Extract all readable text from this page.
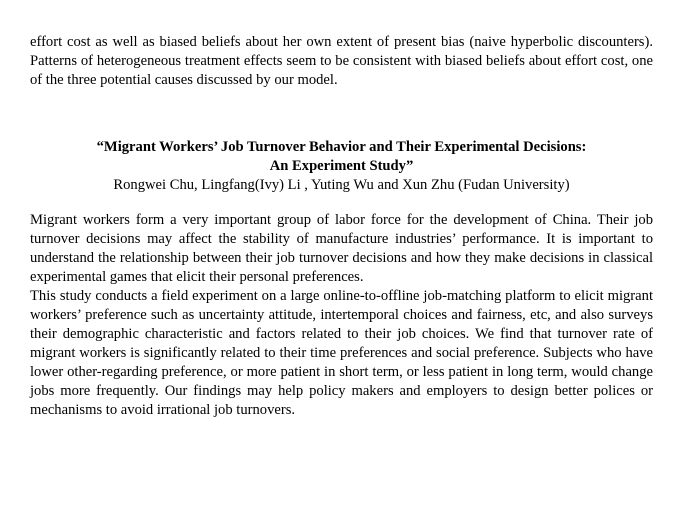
effort cost as well as biased beliefs about her own extent of present bias (naive hyperbolic discounters). Patterns of heterogeneous treatment effects seem to be consistent with biased beliefs about effort cost, one of the three potential causes discussed by our model.

“Migrant Workers’ Job Turnover Behavior and Their Experimental Decisions:
An Experiment Study”
Rongwei Chu, Lingfang(Ivy) Li , Yuting Wu and Xun Zhu (Fudan University)

Migrant workers form a very important group of labor force for the development of China. Their job turnover decisions may affect the stability of manufacture industries’ performance. It is important to understand the relationship between their job turnover decisions and how they make decisions in classical experimental games that elicit their personal preferences.

This study conducts a field experiment on a large online-to-offline job-matching platform to elicit migrant workers’ preference such as uncertainty attitude, intertemporal choices and fairness, etc, and also surveys their demographic characteristic and factors related to their job choices. We find that turnover rate of migrant workers is significantly related to their time preferences and social preference. Subjects who have lower other-regarding preference, or more patient in short term, or less patient in long term, would change jobs more frequently. Our findings may help policy makers and employers to design better polices or mechanisms to avoid irrational job turnovers.
